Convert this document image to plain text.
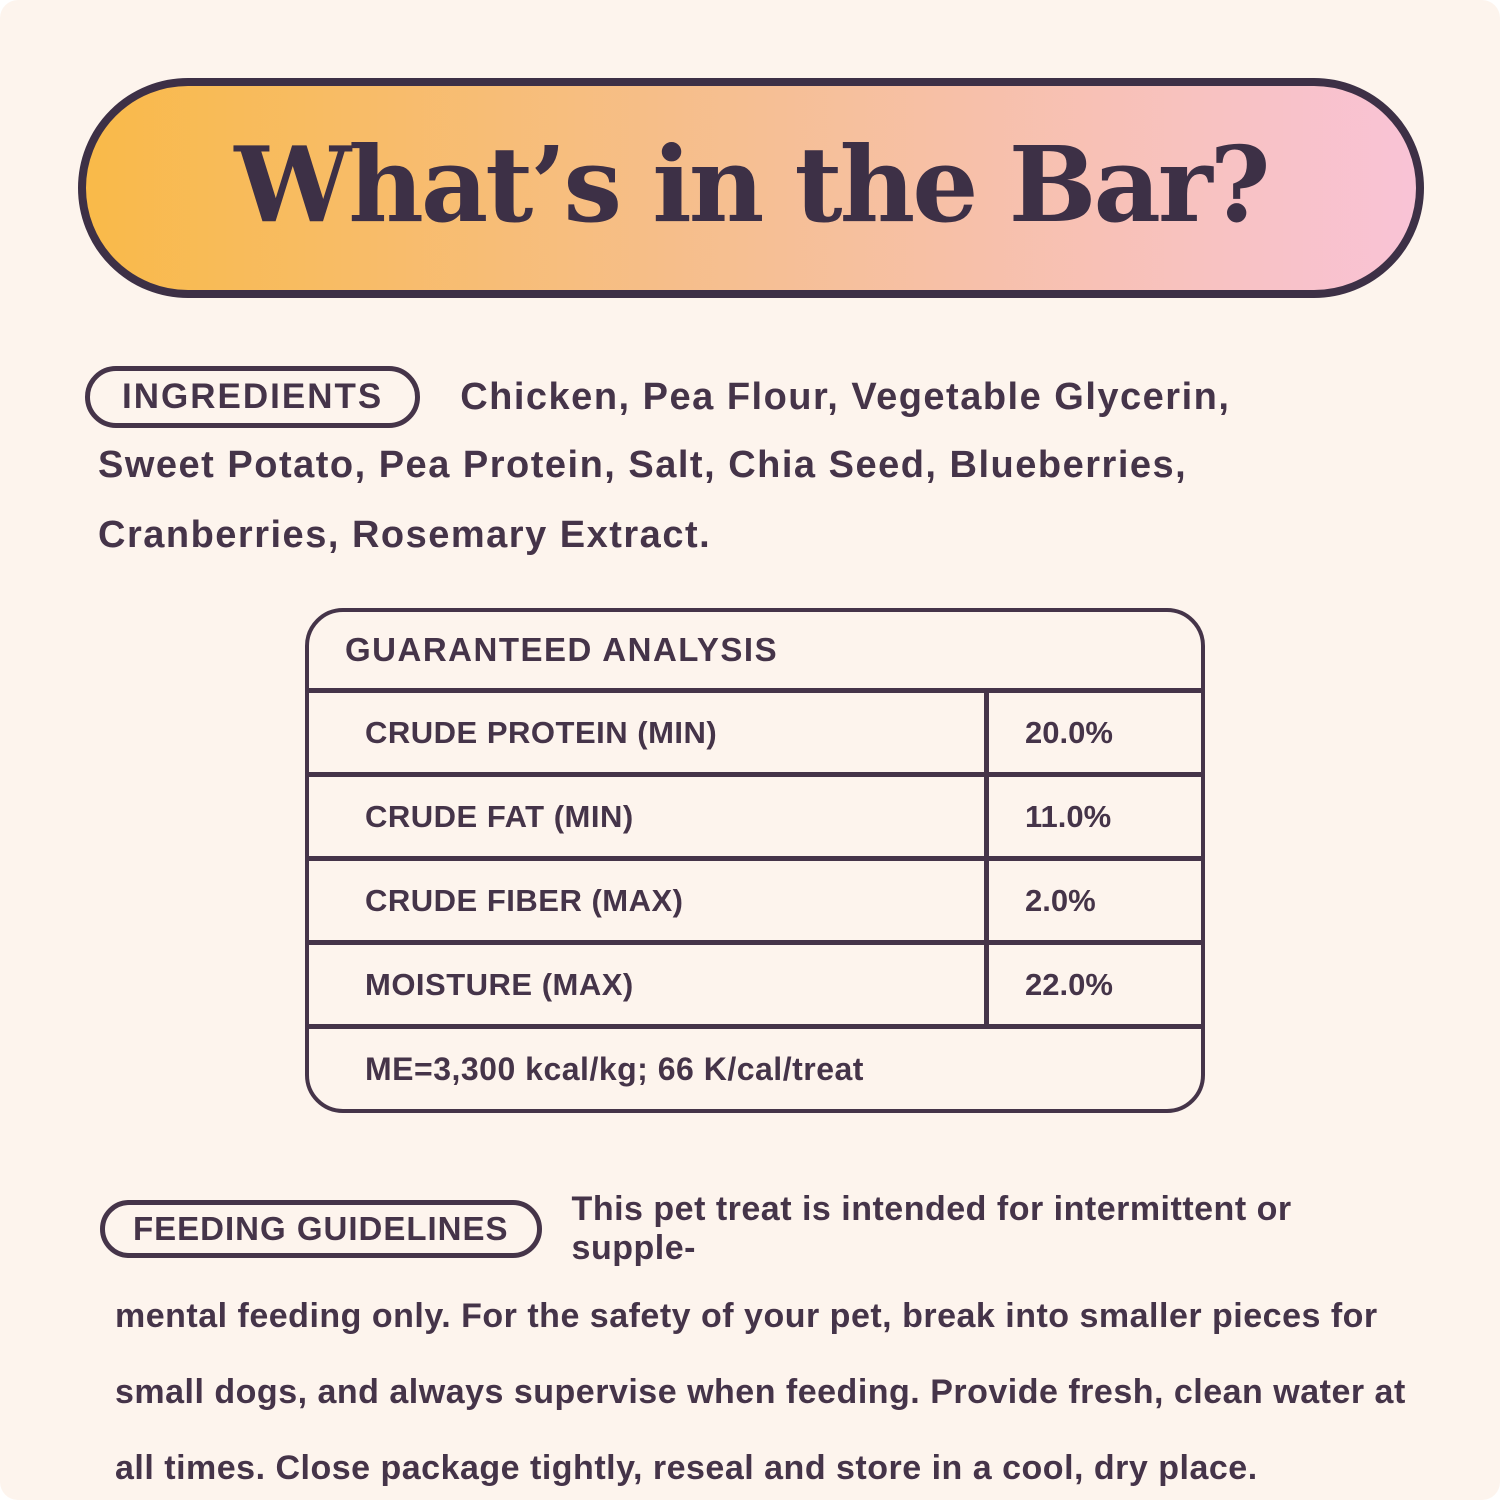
What’s in the Bar?
INGREDIENTS Chicken, Pea Flour, Vegetable Glycerin,
Sweet Potato, Pea Protein, Salt, Chia Seed, Blueberries,
Cranberries, Rosemary Extract.
GUARANTEED ANALYSIS
CRUDE PROTEIN (MIN)	20.0%
CRUDE FAT (MIN)	11.0%
CRUDE FIBER (MAX)	2.0%
MOISTURE (MAX)	22.0%
ME=3,300 kcal/kg; 66 K/cal/treat
FEEDING GUIDELINES
This pet treat is intended for intermittent or supple-
mental feeding only. For the safety of your pet, break into smaller pieces for
small dogs, and always supervise when feeding. Provide fresh, clean water at
all times. Close package tightly, reseal and store in a cool, dry place.
